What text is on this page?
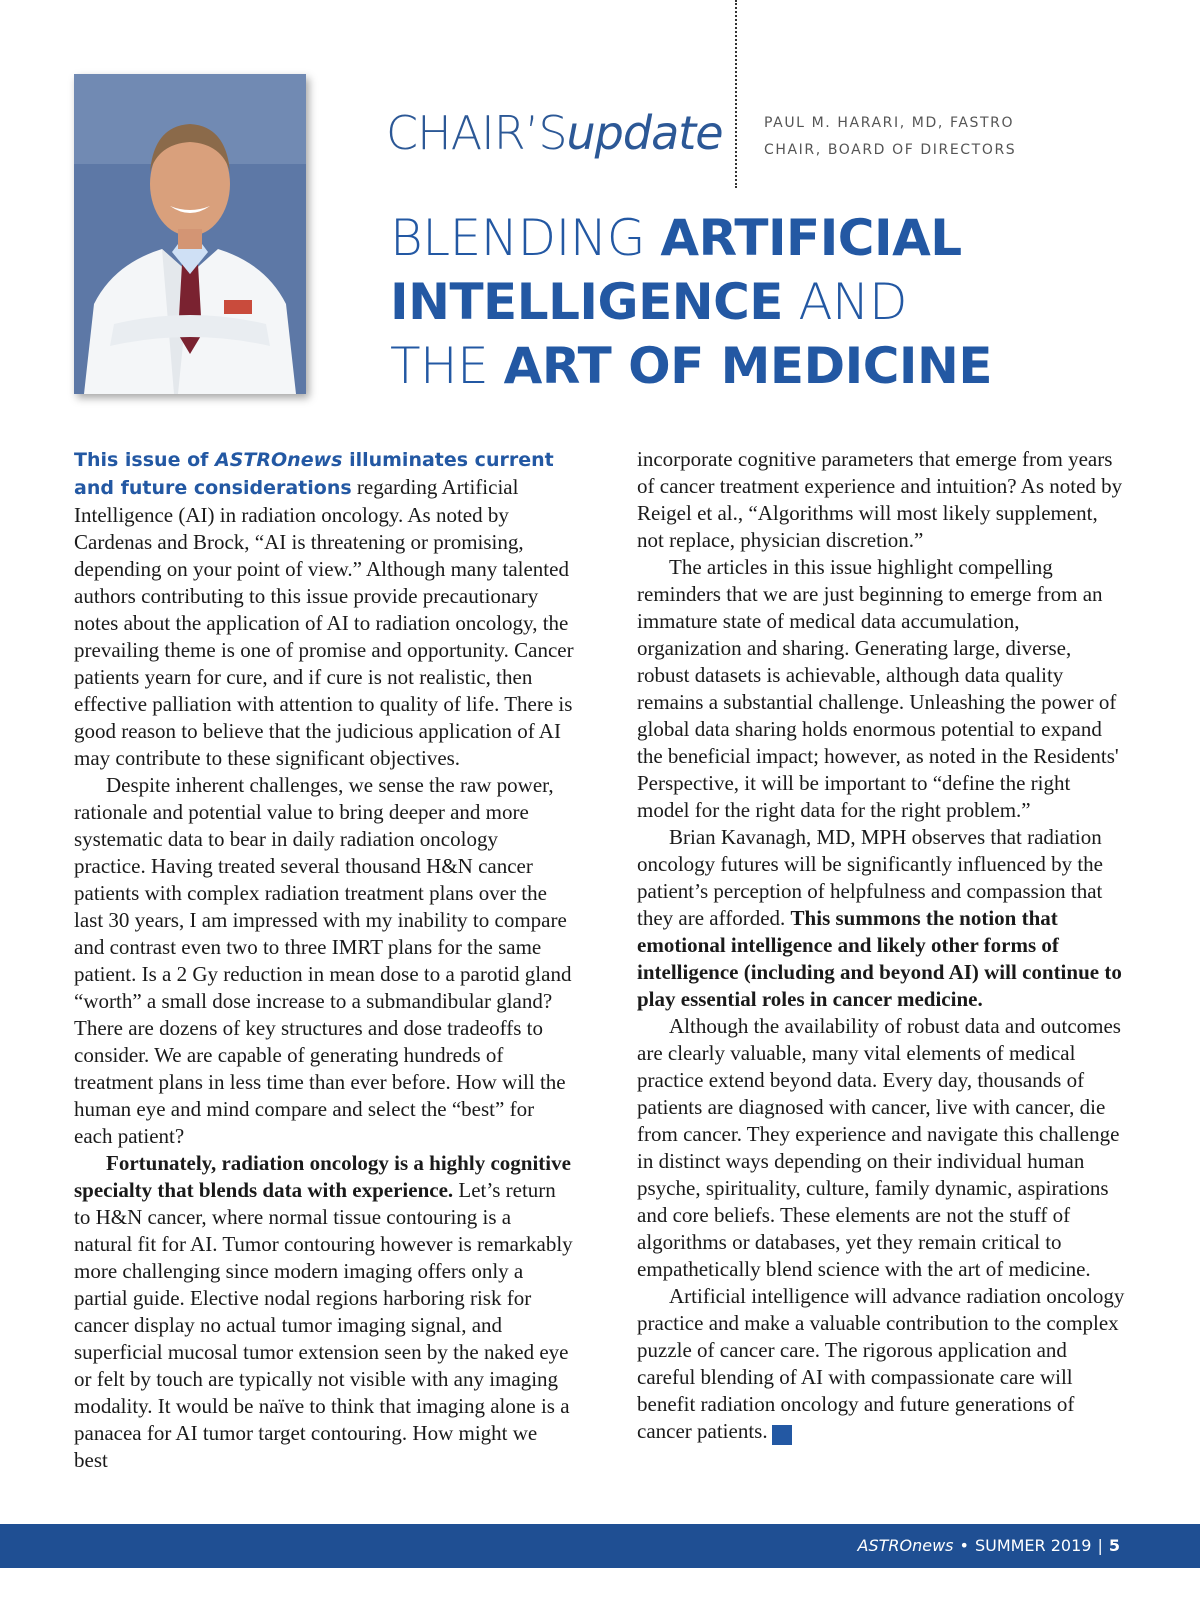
CHAIR’Supdate	PAUL M. HARARI, MD, FASTRO
CHAIR, BOARD OF DIRECTORS
BLENDING ARTIFICIAL
INTELLIGENCE AND
THE ART OF MEDICINE

This issue of ASTROnews illuminates current and future considerations regarding Artificial Intelligence (AI) in radiation oncology. As noted by Cardenas and Brock, “AI is threatening or promising, depending on your point of view.” Although many talented authors contributing to this issue provide precautionary notes about the application of AI to radiation oncology, the prevailing theme is one of promise and opportunity. Cancer patients yearn for cure, and if cure is not realistic, then effective palliation with attention to quality of life. There is good reason to believe that the judicious application of AI may contribute to these significant objectives.

Despite inherent challenges, we sense the raw power, rationale and potential value to bring deeper and more systematic data to bear in daily radiation oncology practice. Having treated several thousand H&N cancer patients with complex radiation treatment plans over the last 30 years, I am impressed with my inability to compare and contrast even two to three IMRT plans for the same patient. Is a 2 Gy reduction in mean dose to a parotid gland “worth” a small dose increase to a submandibular gland? There are dozens of key structures and dose tradeoffs to consider. We are capable of generating hundreds of treatment plans in less time than ever before. How will the human eye and mind compare and select the “best” for each patient?

Fortunately, radiation oncology is a highly cognitive specialty that blends data with experience. Let’s return to H&N cancer, where normal tissue contouring is a natural fit for AI. Tumor contouring however is remarkably more challenging since modern imaging offers only a partial guide. Elective nodal regions harboring risk for cancer display no actual tumor imaging signal, and superficial mucosal tumor extension seen by the naked eye or felt by touch are typically not visible with any imaging modality. It would be naïve to think that imaging alone is a panacea for AI tumor target contouring. How might we best

incorporate cognitive parameters that emerge from years of cancer treatment experience and intuition? As noted by Reigel et al., “Algorithms will most likely supplement, not replace, physician discretion.”

The articles in this issue highlight compelling reminders that we are just beginning to emerge from an immature state of medical data accumulation, organization and sharing. Generating large, diverse, robust datasets is achievable, although data quality remains a substantial challenge. Unleashing the power of global data sharing holds enormous potential to expand the beneficial impact; however, as noted in the Residents' Perspective, it will be important to “define the right model for the right data for the right problem.”

Brian Kavanagh, MD, MPH observes that radiation oncology futures will be significantly influenced by the patient’s perception of helpfulness and compassion that they are afforded. This summons the notion that emotional intelligence and likely other forms of intelligence (including and beyond AI) will continue to play essential roles in cancer medicine.

Although the availability of robust data and outcomes are clearly valuable, many vital elements of medical practice extend beyond data. Every day, thousands of patients are diagnosed with cancer, live with cancer, die from cancer. They experience and navigate this challenge in distinct ways depending on their individual human psyche, spirituality, culture, family dynamic, aspirations and core beliefs. These elements are not the stuff of algorithms or databases, yet they remain critical to empathetically blend science with the art of medicine.

Artificial intelligence will advance radiation oncology practice and make a valuable contribution to the complex puzzle of cancer care. The rigorous application and careful blending of AI with compassionate care will benefit radiation oncology and future generations of cancer patients. A

ASTROnews • SUMMER 2019 | 5
